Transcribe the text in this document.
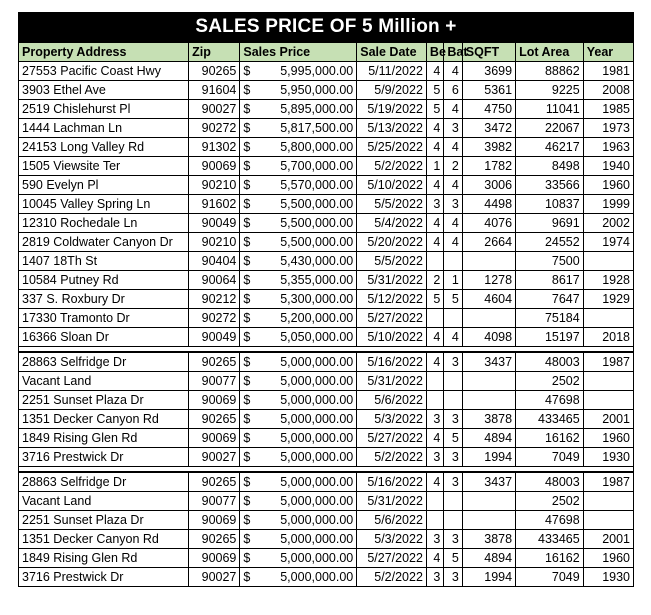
SALES PRICE OF 5 Million +
Property Address	Zip	Sales Price	Sale Date	Be	Bat	SQFT	Lot Area	Year
27553 Pacific Coast Hwy	90265	$ 5,995,000.00	5/11/2022	4	4	3699	88862	1981
3903 Ethel Ave	91604	$ 5,950,000.00	5/9/2022	5	6	5361	9225	2008
2519 Chislehurst Pl	90027	$ 5,895,000.00	5/19/2022	5	4	4750	11041	1985
1444 Lachman Ln	90272	$ 5,817,500.00	5/13/2022	4	3	3472	22067	1973
24153 Long Valley Rd	91302	$ 5,800,000.00	5/25/2022	4	4	3982	46217	1963
1505 Viewsite Ter	90069	$ 5,700,000.00	5/2/2022	1	2	1782	8498	1940
590 Evelyn Pl	90210	$ 5,570,000.00	5/10/2022	4	4	3006	33566	1960
10045 Valley Spring Ln	91602	$ 5,500,000.00	5/5/2022	3	3	4498	10837	1999
12310 Rochedale Ln	90049	$ 5,500,000.00	5/4/2022	4	4	4076	9691	2002
2819 Coldwater Canyon Dr	90210	$ 5,500,000.00	5/20/2022	4	4	2664	24552	1974
1407 18Th St	90404	$ 5,430,000.00	5/5/2022				7500	
10584 Putney Rd	90064	$ 5,355,000.00	5/31/2022	2	1	1278	8617	1928
337 S. Roxbury Dr	90212	$ 5,300,000.00	5/12/2022	5	5	4604	7647	1929
17330 Tramonto Dr	90272	$ 5,200,000.00	5/27/2022				75184	
16366 Sloan Dr	90049	$ 5,050,000.00	5/10/2022	4	4	4098	15197	2018

28863 Selfridge Dr	90265	$ 5,000,000.00	5/16/2022	4	3	3437	48003	1987
Vacant Land	90077	$ 5,000,000.00	5/31/2022				2502	
2251 Sunset Plaza Dr	90069	$ 5,000,000.00	5/6/2022				47698	
1351 Decker Canyon Rd	90265	$ 5,000,000.00	5/3/2022	3	3	3878	433465	2001
1849 Rising Glen Rd	90069	$ 5,000,000.00	5/27/2022	4	5	4894	16162	1960
3716 Prestwick Dr	90027	$ 5,000,000.00	5/2/2022	3	3	1994	7049	1930

28863 Selfridge Dr	90265	$ 5,000,000.00	5/16/2022	4	3	3437	48003	1987
Vacant Land	90077	$ 5,000,000.00	5/31/2022				2502	
2251 Sunset Plaza Dr	90069	$ 5,000,000.00	5/6/2022				47698	
1351 Decker Canyon Rd	90265	$ 5,000,000.00	5/3/2022	3	3	3878	433465	2001
1849 Rising Glen Rd	90069	$ 5,000,000.00	5/27/2022	4	5	4894	16162	1960
3716 Prestwick Dr	90027	$ 5,000,000.00	5/2/2022	3	3	1994	7049	1930
